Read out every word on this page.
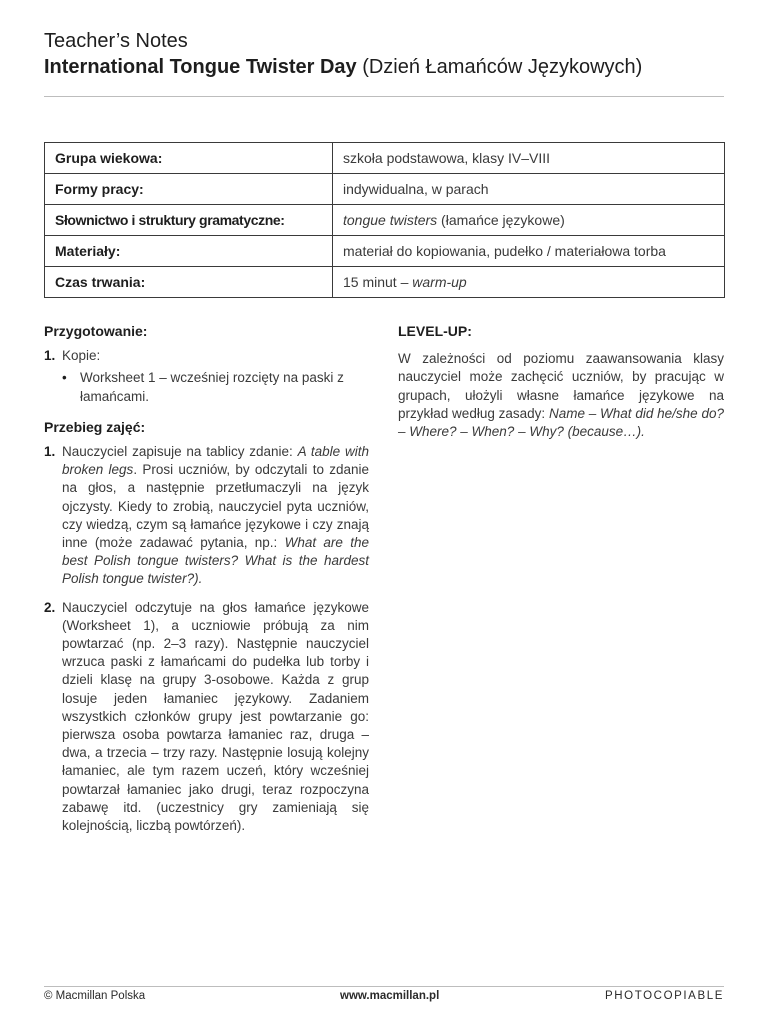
Teacher’s Notes
International Tongue Twister Day (Dzień Łamańców Językowych)
Grupa wiekowa:	szkoła podstawowa, klasy IV–VIII
Formy pracy:	indywidualna, w parach
Słownictwo i struktury gramatyczne:	tongue twisters (łamańce językowe)
Materiały:	materiał do kopiowania, pudełko / materiałowa torba
Czas trwania:	15 minut – warm-up
Przygotowanie:
1. Kopie:
• Worksheet 1 – wcześniej rozcięty na paski z łamańcami.
Przebieg zajęć:
1. Nauczyciel zapisuje na tablicy zdanie: A table with broken legs. Prosi uczniów, by odczytali to zdanie na głos, a następnie przetłumaczyli na język ojczysty. Kiedy to zrobią, nauczyciel pyta uczniów, czy wiedzą, czym są łamańce językowe i czy znają inne (może zadawać pytania, np.: What are the best Polish tongue twisters? What is the hardest Polish tongue twister?).
2. Nauczyciel odczytuje na głos łamańce językowe (Worksheet 1), a uczniowie próbują za nim powtarzać (np. 2–3 razy). Następnie nauczyciel wrzuca paski z łamańcami do pudełka lub torby i dzieli klasę na grupy 3-osobowe. Każda z grup losuje jeden łamaniec językowy. Zadaniem wszystkich członków grupy jest powtarzanie go: pierwsza osoba powtarza łamaniec raz, druga – dwa, a trzecia – trzy razy. Następnie losują kolejny łamaniec, ale tym razem uczeń, który wcześniej powtarzał łamaniec jako drugi, teraz rozpoczyna zabawę itd. (uczestnicy gry zamieniają się kolejnością, liczbą powtórzeń).
LEVEL-UP:
W zależności od poziomu zaawansowania klasy nauczyciel może zachęcić uczniów, by pracując w grupach, ułożyli własne łamańce językowe na przykład według zasady: Name – What did he/she do? – Where? – When? – Why? (because…).
© Macmillan Polska	www.macmillan.pl	PHOTOCOPIABLE
